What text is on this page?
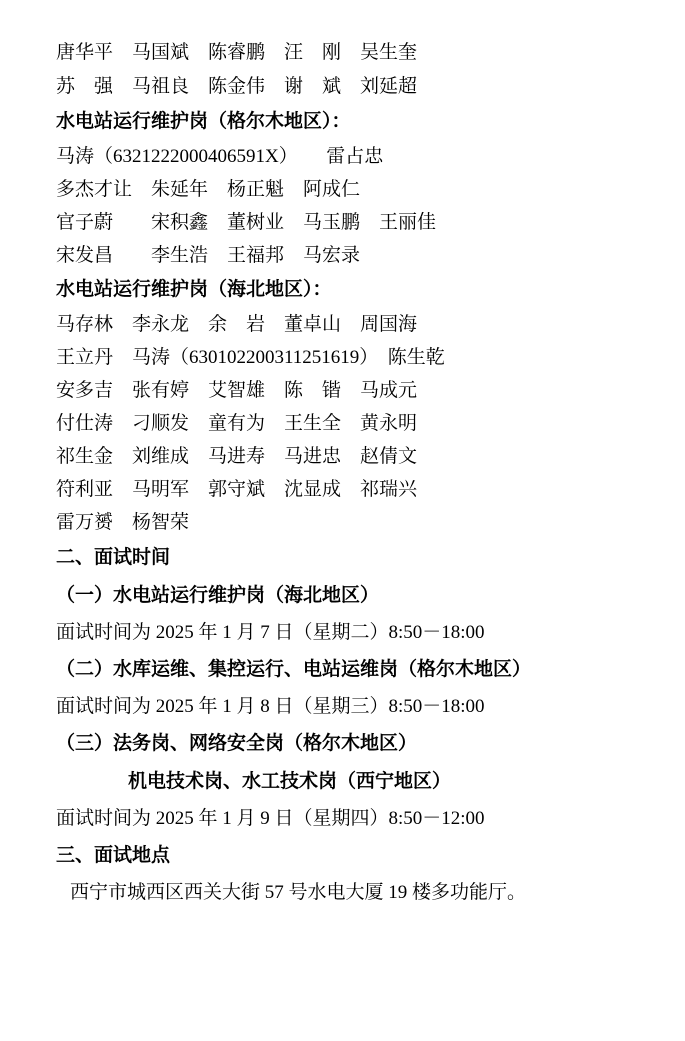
唐华平　马国斌　陈睿鹏　汪　刚　吴生奎
苏　强　马祖良　陈金伟　谢　斌　刘延超
水电站运行维护岗（格尔木地区）：
马涛（6321222000406591X）　　雷占忠
多杰才让　朱延年　杨正魁　阿成仁
官子蔚　　宋积鑫　董树业　马玉鹏　王丽佳
宋发昌　　李生浩　王福邦　马宏录
水电站运行维护岗（海北地区）：
马存林　李永龙　余　岩　董卓山　周国海
王立丹　马涛（630102200311251619）　陈生乾
安多吉　张有婷　艾智雄　陈　锴　马成元
付仕涛　刁顺发　童有为　王生全　黄永明
祁生金　刘维成　马进寿　马进忠　赵倩文
符利亚　马明军　郭守斌　沈显成　祁瑞兴
雷万赟　杨智荣
二、面试时间
（一）水电站运行维护岗（海北地区）
面试时间为 2025 年 1 月 7 日（星期二）8:50－18:00
（二）水库运维、集控运行、电站运维岗（格尔木地区）
面试时间为 2025 年 1 月 8 日（星期三）8:50－18:00
（三）法务岗、网络安全岗（格尔木地区）
机电技术岗、水工技术岗（西宁地区）
面试时间为 2025 年 1 月 9 日（星期四）8:50－12:00
三、面试地点
西宁市城西区西关大街 57 号水电大厦 19 楼多功能厅。
